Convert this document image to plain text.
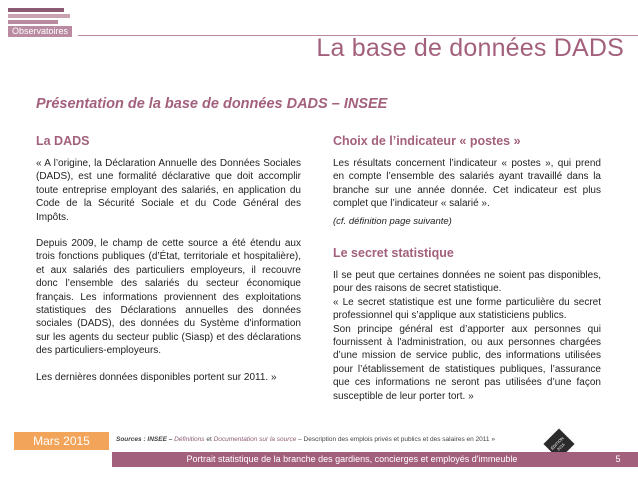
Observatoires
La base de données DADS
Présentation de la base de données DADS – INSEE
La DADS

« A l’origine, la Déclaration Annuelle des Données Sociales (DADS), est une formalité déclarative que doit accomplir toute entreprise employant des salariés, en application du Code de la Sécurité Sociale et du Code Général des Impôts.

Depuis 2009, le champ de cette source a été étendu aux trois fonctions publiques (d’État, territoriale et hospitalière), et aux salariés des particuliers employeurs, il recouvre donc l’ensemble des salariés du secteur économique français. Les informations proviennent des exploitations statistiques des Déclarations annuelles des données sociales (DADS), des données du Système d'information sur les agents du secteur public (Siasp) et des déclarations des particuliers-employeurs.

Les dernières données disponibles portent sur 2011. »

Choix de l’indicateur « postes »

Les résultats concernent l’indicateur « postes », qui prend en compte l’ensemble des salariés ayant travaillé dans la branche sur une année donnée. Cet indicateur est plus complet que l’indicateur « salarié ».

(cf. définition page suivante)

Le secret statistique

Il se peut que certaines données ne soient pas disponibles, pour des raisons de secret statistique.

« Le secret statistique est une forme particulière du secret professionnel qui s’applique aux statisticiens publics.

Son principe général est d’apporter aux personnes qui fournissent à l'administration, ou aux personnes chargées d’une mission de service public, des informations utilisées pour l’établissement de statistiques publiques, l’assurance que ces informations ne seront pas utilisées d’une façon susceptible de leur porter tort. »

Mars 2015	Sources : INSEE – Définitions et Documentation sur la source – Description des emplois privés et publics et des salaires en 2011 »	ÉDITION 2015
Portrait statistique de la branche des gardiens, concierges et employés d'immeuble	5
